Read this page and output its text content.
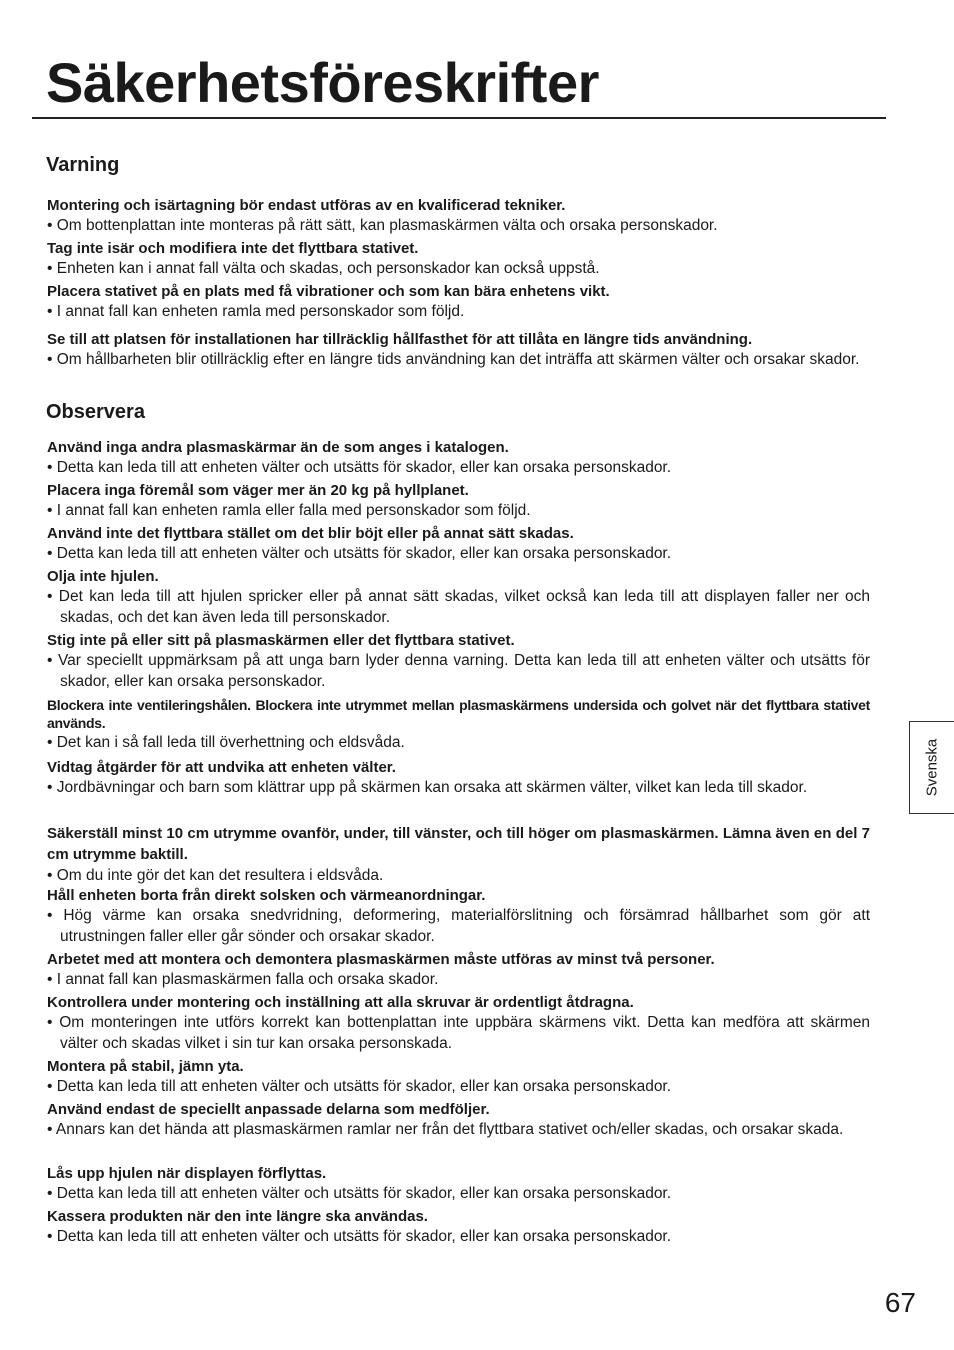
Säkerhetsföreskrifter
Varning

Montering och isärtagning bör endast utföras av en kvalificerad tekniker.

• Om bottenplattan inte monteras på rätt sätt, kan plasmaskärmen välta och orsaka personskador.

Tag inte isär och modifiera inte det flyttbara stativet.

• Enheten kan i annat fall välta och skadas, och personskador kan också uppstå.

Placera stativet på en plats med få vibrationer och som kan bära enhetens vikt.

• I annat fall kan enheten ramla med personskador som följd.

Se till att platsen för installationen har tillräcklig hållfasthet för att tillåta en längre tids användning.

• Om hållbarheten blir otillräcklig efter en längre tids användning kan det inträffa att skärmen välter och orsakar skador.

Observera

Använd inga andra plasmaskärmar än de som anges i katalogen.

• Detta kan leda till att enheten välter och utsätts för skador, eller kan orsaka personskador.

Placera inga föremål som väger mer än 20 kg på hyllplanet.

• I annat fall kan enheten ramla eller falla med personskador som följd.

Använd inte det flyttbara stället om det blir böjt eller på annat sätt skadas.

• Detta kan leda till att enheten välter och utsätts för skador, eller kan orsaka personskador.

Olja inte hjulen.

• Det kan leda till att hjulen spricker eller på annat sätt skadas, vilket också kan leda till att displayen faller ner och skadas, och det kan även leda till personskador.

Stig inte på eller sitt på plasmaskärmen eller det flyttbara stativet.

• Var speciellt uppmärksam på att unga barn lyder denna varning. Detta kan leda till att enheten välter och utsätts för skador, eller kan orsaka personskador.

Blockera inte ventileringshålen. Blockera inte utrymmet mellan plasmaskärmens undersida och golvet när det flyttbara stativet används.

• Det kan i så fall leda till överhettning och eldsvåda.

Vidtag åtgärder för att undvika att enheten välter.

• Jordbävningar och barn som klättrar upp på skärmen kan orsaka att skärmen välter, vilket kan leda till skador.

Säkerställ minst 10 cm utrymme ovanför, under, till vänster, och till höger om plasmaskärmen. Lämna även en del 7 cm utrymme baktill.

• Om du inte gör det kan det resultera i eldsvåda.

Håll enheten borta från direkt solsken och värmeanordningar.

• Hög värme kan orsaka snedvridning, deformering, materialförslitning och försämrad hållbarhet som gör att utrustningen faller eller går sönder och orsakar skador.

Arbetet med att montera och demontera plasmaskärmen måste utföras av minst två personer.

• I annat fall kan plasmaskärmen falla och orsaka skador.

Kontrollera under montering och inställning att alla skruvar är ordentligt åtdragna.

• Om monteringen inte utförs korrekt kan bottenplattan inte uppbära skärmens vikt. Detta kan medföra att skärmen välter och skadas vilket i sin tur kan orsaka personskada.

Montera på stabil, jämn yta.

• Detta kan leda till att enheten välter och utsätts för skador, eller kan orsaka personskador.

Använd endast de speciellt anpassade delarna som medföljer.

• Annars kan det hända att plasmaskärmen ramlar ner från det flyttbara stativet och/eller skadas, och orsakar skada.

Lås upp hjulen när displayen förflyttas.

• Detta kan leda till att enheten välter och utsätts för skador, eller kan orsaka personskador.

Kassera produkten när den inte längre ska användas.

• Detta kan leda till att enheten välter och utsätts för skador, eller kan orsaka personskador.

Svenska
67
